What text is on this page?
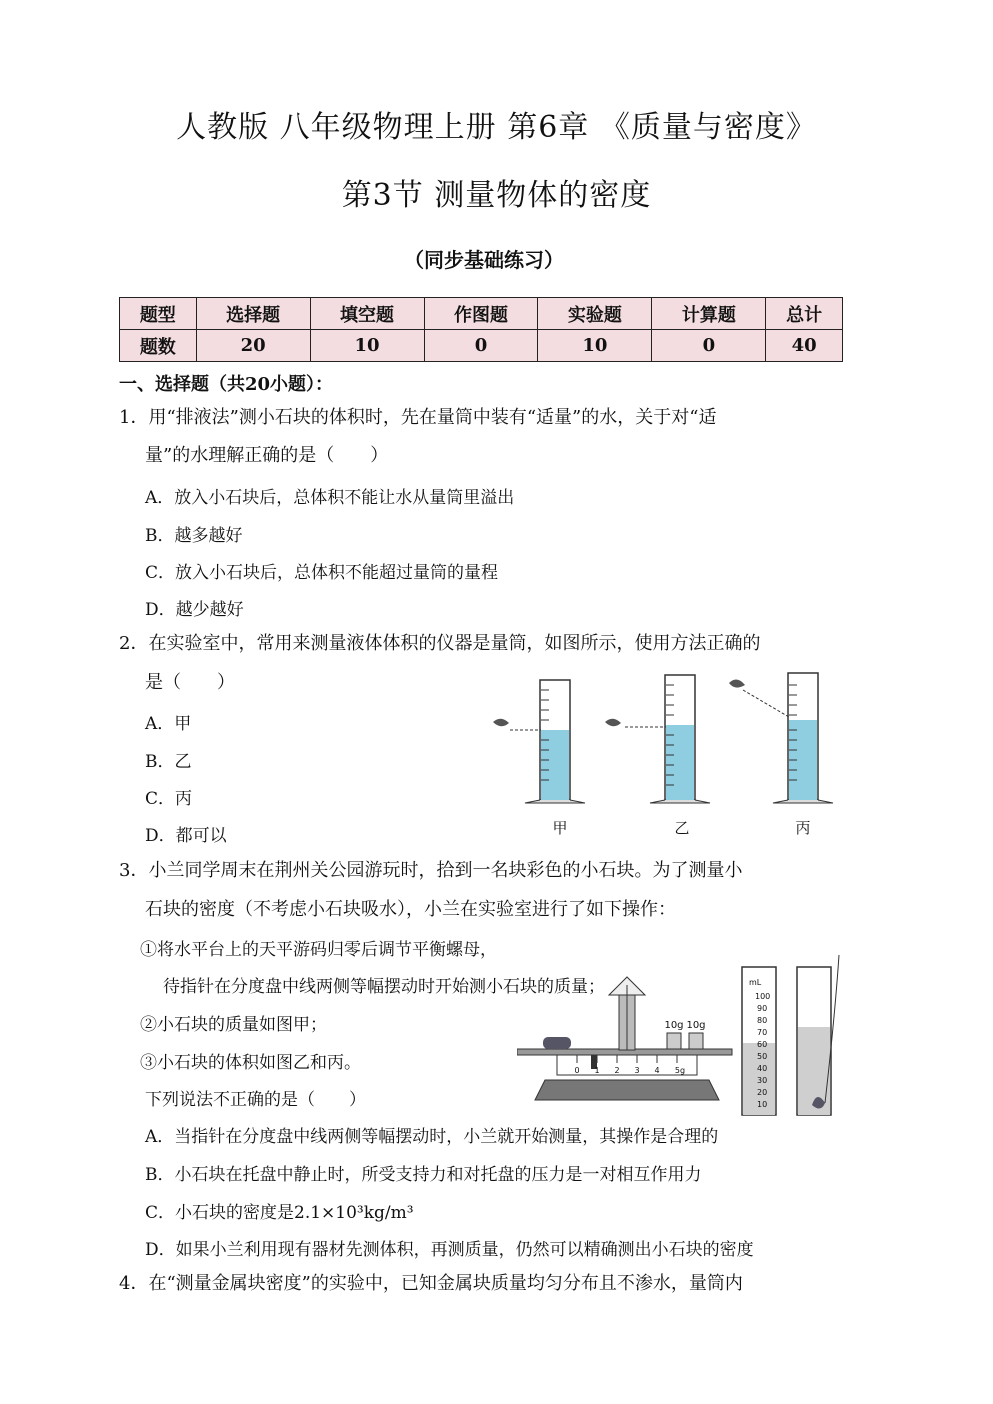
人教版 八年级物理上册 第6章 《质量与密度》
第3节 测量物体的密度
（同步基础练习）
题型	选择题	填空题	作图题	实验题	计算题	总计
题数	20	10	0	10	0	40
一、选择题（共20小题）：
1．用“排液法”测小石块的体积时，先在量筒中装有“适量”的水，关于对“适
量”的水理解正确的是（　　）
A．放入小石块后，总体积不能让水从量筒里溢出
B．越多越好
C．放入小石块后，总体积不能超过量筒的量程
D．越少越好
2．在实验室中，常用来测量液体体积的仪器是量筒，如图所示，使用方法正确的
是（　　）
A．甲
B．乙
C．丙
D．都可以	甲	乙	丙
3．小兰同学周末在荆州关公园游玩时，拾到一名块彩色的小石块。为了测量小
石块的密度（不考虑小石块吸水），小兰在实验室进行了如下操作：
①将水平台上的天平游码归零后调节平衡螺母，
待指针在分度盘中线两侧等幅摆动时开始测小石块的质量；
②小石块的质量如图甲；
③小石块的体积如图乙和丙。
下列说法不正确的是（　　）
10g 10g
0 1 2 3 4 5g
mL
100
90
80
70
60
50
40
30
20
10
A．当指针在分度盘中线两侧等幅摆动时，小兰就开始测量，其操作是合理的
B．小石块在托盘中静止时，所受支持力和对托盘的压力是一对相互作用力
C．小石块的密度是2.1×10³kg/m³
D．如果小兰利用现有器材先测体积，再测质量，仍然可以精确测出小石块的密度
4．在“测量金属块密度”的实验中，已知金属块质量均匀分布且不渗水，量筒内
